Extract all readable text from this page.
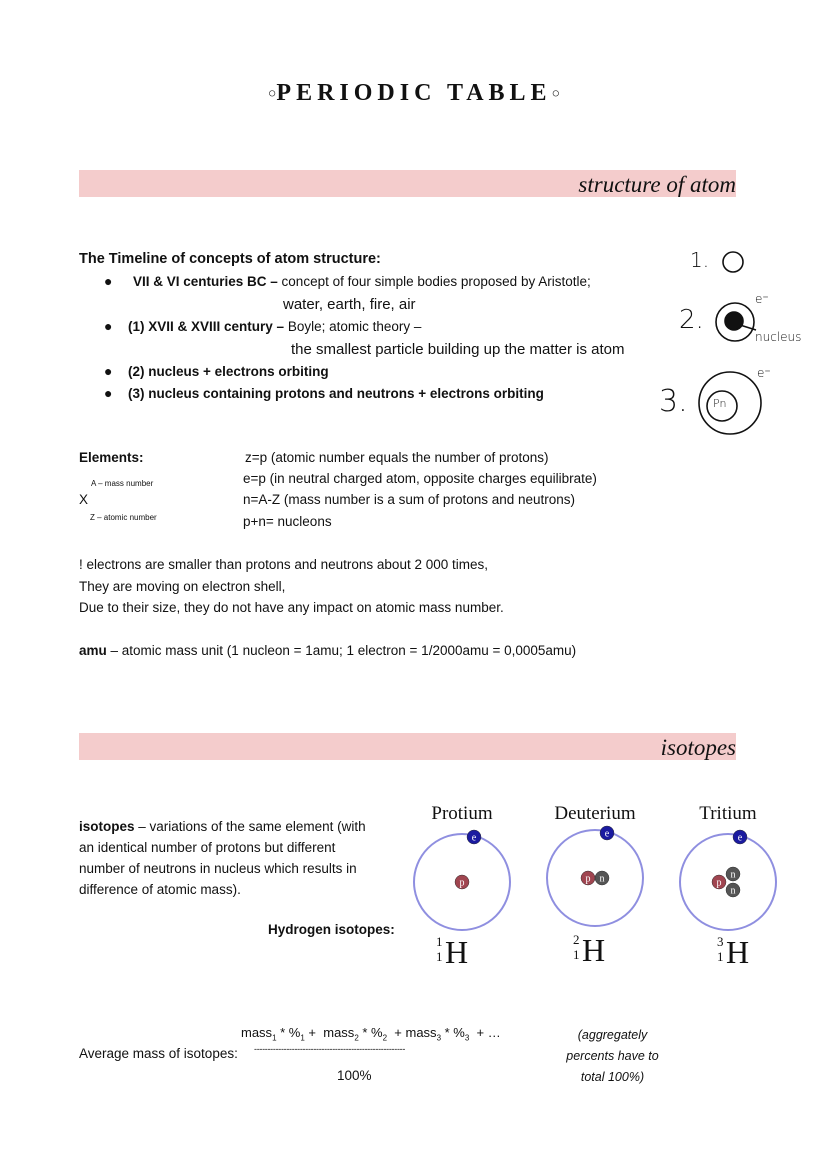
○PERIODIC TABLE○
structure of atom
The Timeline of concepts of atom structure:
● VII & VI centuries BC – concept of four simple bodies proposed by Aristotle;
water, earth, fire, air
● (1) XVII & XVIII century – Boyle; atomic theory –
the smallest particle building up the matter is atom
● (2) nucleus + electrons orbiting
● (3) nucleus containing protons and neutrons + electrons orbiting
1.
2.
e⁻
nucleus
3.
e⁻
Pn
Elements:
A – mass number
X
Z – atomic number
z=p (atomic number equals the number of protons)
e=p (in neutral charged atom, opposite charges equilibrate)
n=A-Z (mass number is a sum of protons and neutrons)
p+n= nucleons
! electrons are smaller than protons and neutrons about 2 000 times,
They are moving on electron shell,
Due to their size, they do not have any impact on atomic mass number.
amu – atomic mass unit (1 nucleon = 1amu; 1 electron = 1/2000amu = 0,0005amu)
isotopes
isotopes – variations of the same element (with
an identical number of protons but different
number of neutrons in nucleus which results in
difference of atomic mass).
Hydrogen isotopes:
Protium	Deuterium	Tritium
e
p
e
n
p
e
n
n
p
1
1 H	2
1 H	3
1 H
mass$_1$ * $\%_1$ +  mass$_2$ * $\%_2$  + mass$_3$ * $\%_3$  + …
Average mass of isotopes: --------------------------------------------------------
100%
(aggregately
percents have to
total 100%)
